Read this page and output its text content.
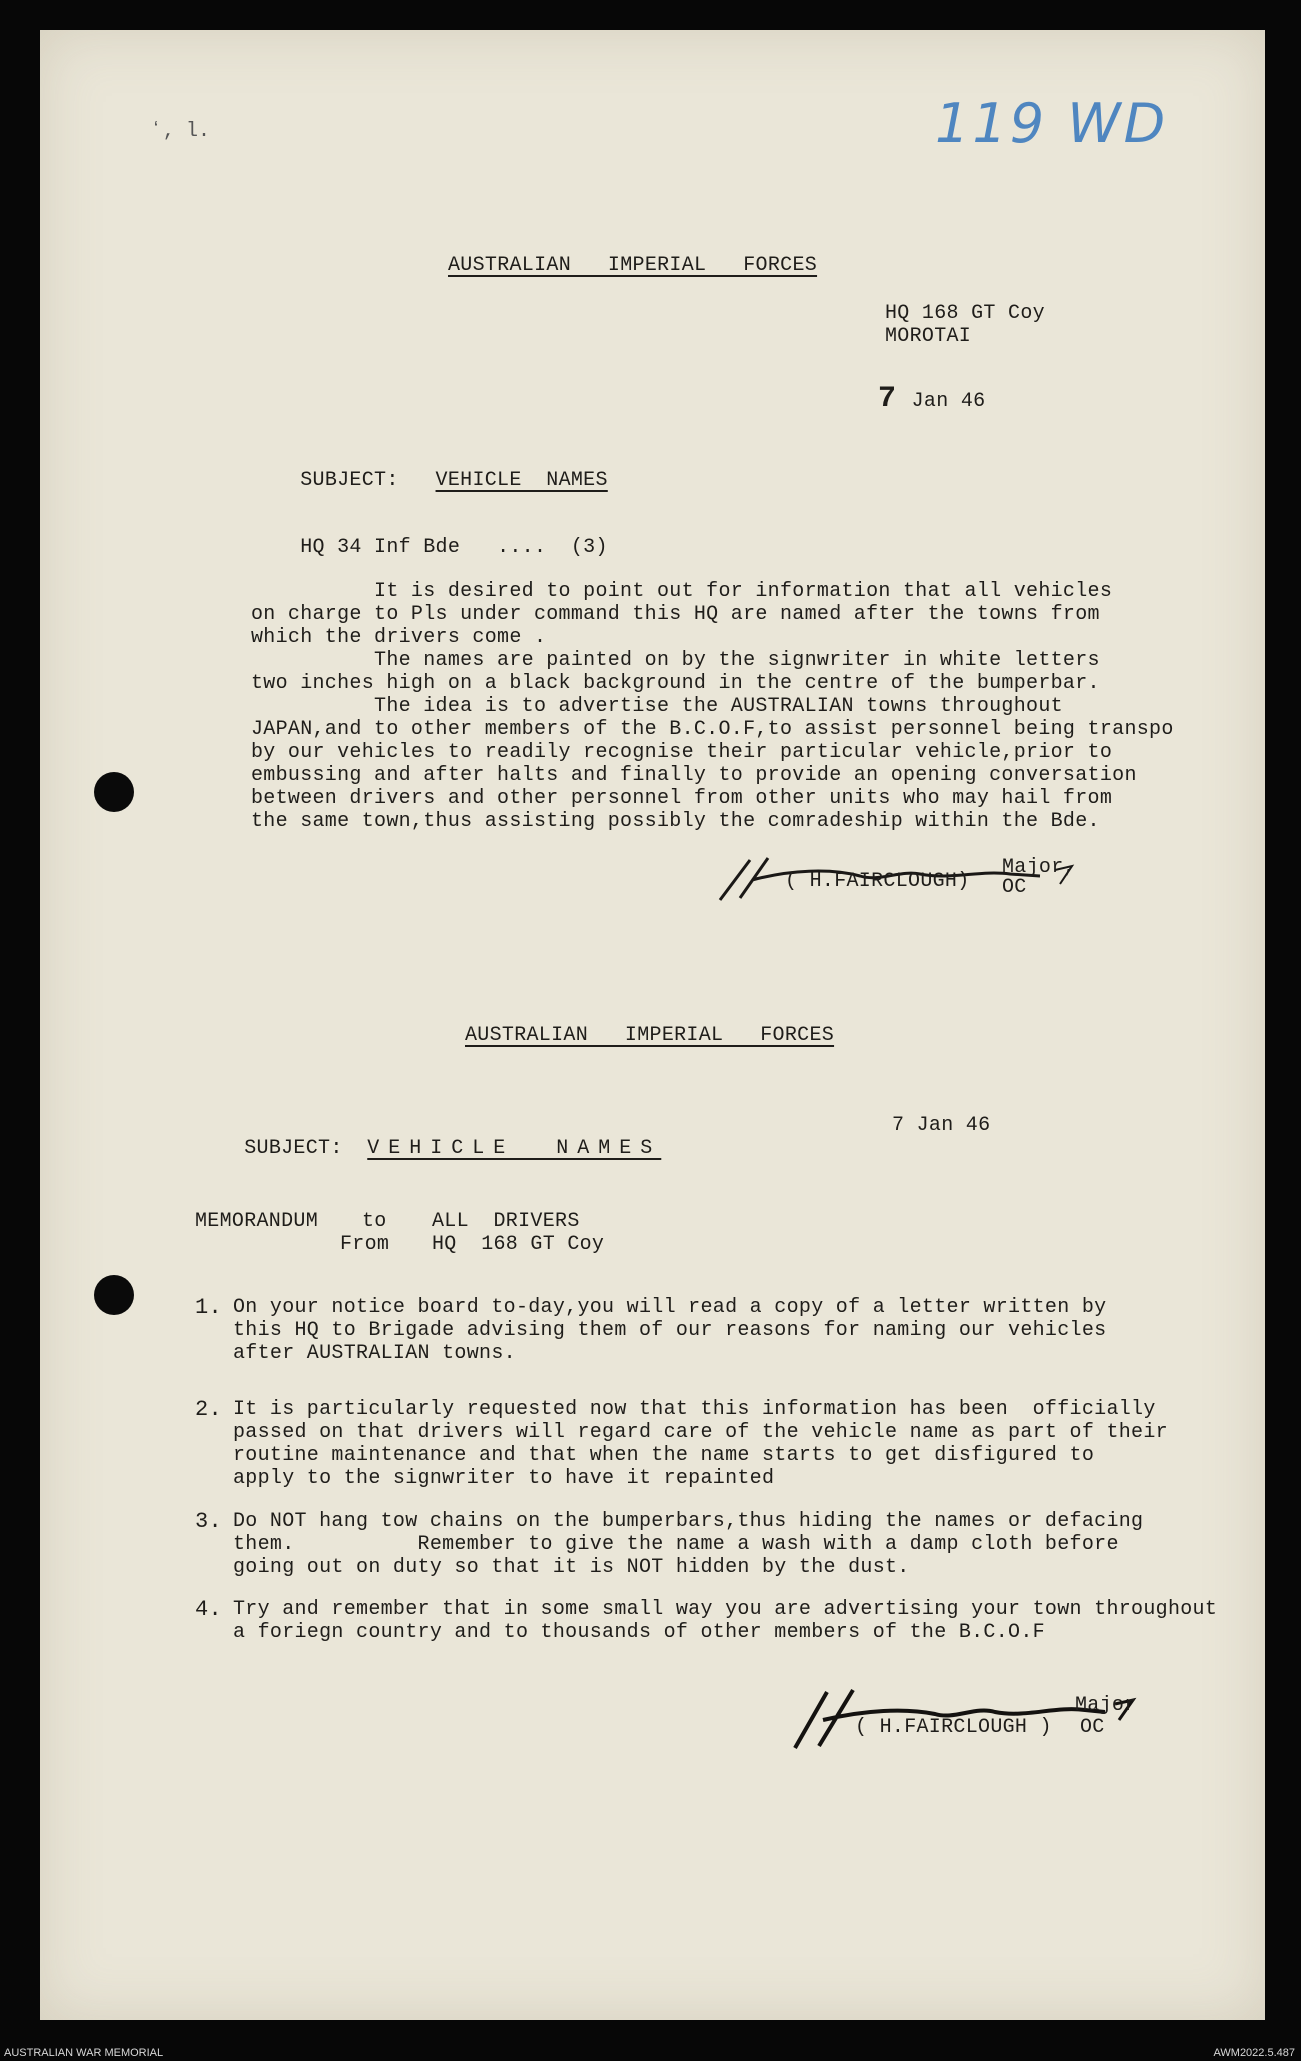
119 WD
ʻ‚ l.
AUSTRALIAN   IMPERIAL   FORCES
HQ 168 GT Coy
MOROTAI
7 Jan 46

SUBJECT: VEHICLE  NAMES

HQ 34 Inf Bde ....  (3)

It is desired to point out for information that all vehicles
on charge to Pls under command this HQ are named after the towns from
which the drivers come .
The names are painted on by the signwriter in white letters
two inches high on a black background in the centre of the bumperbar.
The idea is to advertise the AUSTRALIAN towns throughout
JAPAN,and to other members of the B.C.O.F,to assist personnel being transpo
by our vehicles to readily recognise their particular vehicle,prior to
embussing and after halts and finally to provide an opening conversation
between drivers and other personnel from other units who may hail from
the same town,thus assisting possibly the comradeship within the Bde.
( H.FAIRCLOUGH)
Major,
OC
AUSTRALIAN   IMPERIAL   FORCES

SUBJECT: VEHICLE  NAMES

7 Jan 46
MEMORANDUM to ALL  DRIVERS
From HQ  168 GT Coy
1. On your notice board to-day,you will read a copy of a letter written by
this HQ to Brigade advising them of our reasons for naming our vehicles
after AUSTRALIAN towns.
2. It is particularly requested now that this information has been  officially
passed on that drivers will regard care of the vehicle name as part of their
routine maintenance and that when the name starts to get disfigured to
apply to the signwriter to have it repainted
3. Do NOT hang tow chains on the bumperbars,thus hiding the names or defacing
them.          Remember to give the name a wash with a damp cloth before
going out on duty so that it is NOT hidden by the dust.
4. Try and remember that in some small way you are advertising your town throughout
a foriegn country and to thousands of other members of the B.C.O.F
( H.FAIRCLOUGH )
Major
OC
AUSTRALIAN WAR MEMORIAL	AWM2022.5.487
